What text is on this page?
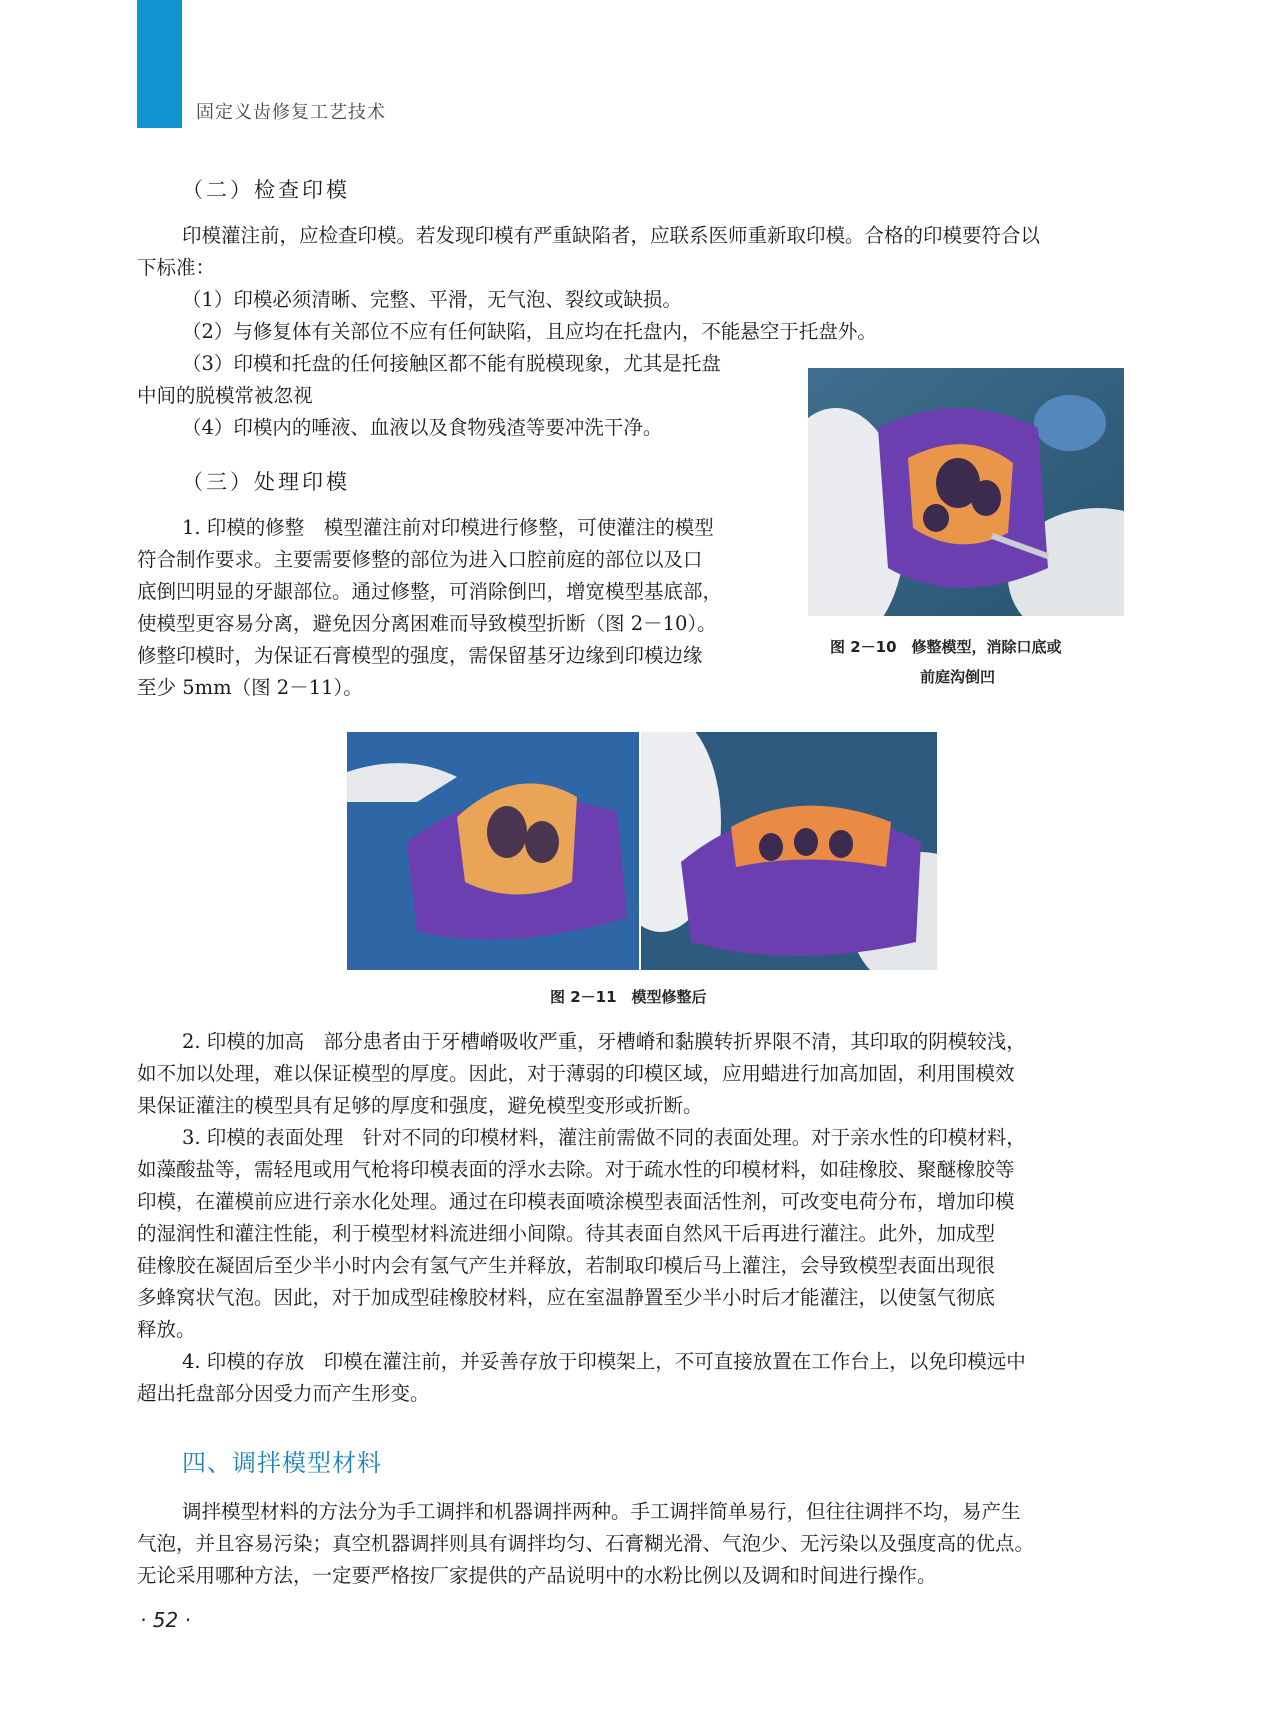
固定义齿修复工艺技术
（二）检查印模

印模灌注前，应检查印模。若发现印模有严重缺陷者，应联系医师重新取印模。合格的印模要符合以
下标准：

（1）印模必须清晰、完整、平滑，无气泡、裂纹或缺损。

（2）与修复体有关部位不应有任何缺陷，且应均在托盘内，不能悬空于托盘外。

（3）印模和托盘的任何接触区都不能有脱模现象，尤其是托盘
中间的脱模常被忽视

（4）印模内的唾液、血液以及食物残渣等要冲洗干净。

（三）处理印模

1. 印模的修整　模型灌注前对印模进行修整，可使灌注的模型
符合制作要求。主要需要修整的部位为进入口腔前庭的部位以及口
底倒凹明显的牙龈部位。通过修整，可消除倒凹，增宽模型基底部，
使模型更容易分离，避免因分离困难而导致模型折断（图 2－10）。
修整印模时，为保证石膏模型的强度，需保留基牙边缘到印模边缘
至少 5mm（图 2－11）。

图 2－10　修整模型，消除口底或
前庭沟倒凹
图 2－11　模型修整后

2. 印模的加高　部分患者由于牙槽嵴吸收严重，牙槽嵴和黏膜转折界限不清，其印取的阴模较浅，
如不加以处理，难以保证模型的厚度。因此，对于薄弱的印模区域，应用蜡进行加高加固，利用围模效
果保证灌注的模型具有足够的厚度和强度，避免模型变形或折断。

3. 印模的表面处理　针对不同的印模材料，灌注前需做不同的表面处理。对于亲水性的印模材料，
如藻酸盐等，需轻甩或用气枪将印模表面的浮水去除。对于疏水性的印模材料，如硅橡胶、聚醚橡胶等
印模，在灌模前应进行亲水化处理。通过在印模表面喷涂模型表面活性剂，可改变电荷分布，增加印模
的湿润性和灌注性能，利于模型材料流进细小间隙。待其表面自然风干后再进行灌注。此外，加成型
硅橡胶在凝固后至少半小时内会有氢气产生并释放，若制取印模后马上灌注，会导致模型表面出现很
多蜂窝状气泡。因此，对于加成型硅橡胶材料，应在室温静置至少半小时后才能灌注，以使氢气彻底
释放。

4. 印模的存放　印模在灌注前，并妥善存放于印模架上，不可直接放置在工作台上，以免印模远中
超出托盘部分因受力而产生形变。

四、调拌模型材料

调拌模型材料的方法分为手工调拌和机器调拌两种。手工调拌简单易行，但往往调拌不均，易产生
气泡，并且容易污染；真空机器调拌则具有调拌均匀、石膏糊光滑、气泡少、无污染以及强度高的优点。
无论采用哪种方法，一定要严格按厂家提供的产品说明中的水粉比例以及调和时间进行操作。

· 52 ·
